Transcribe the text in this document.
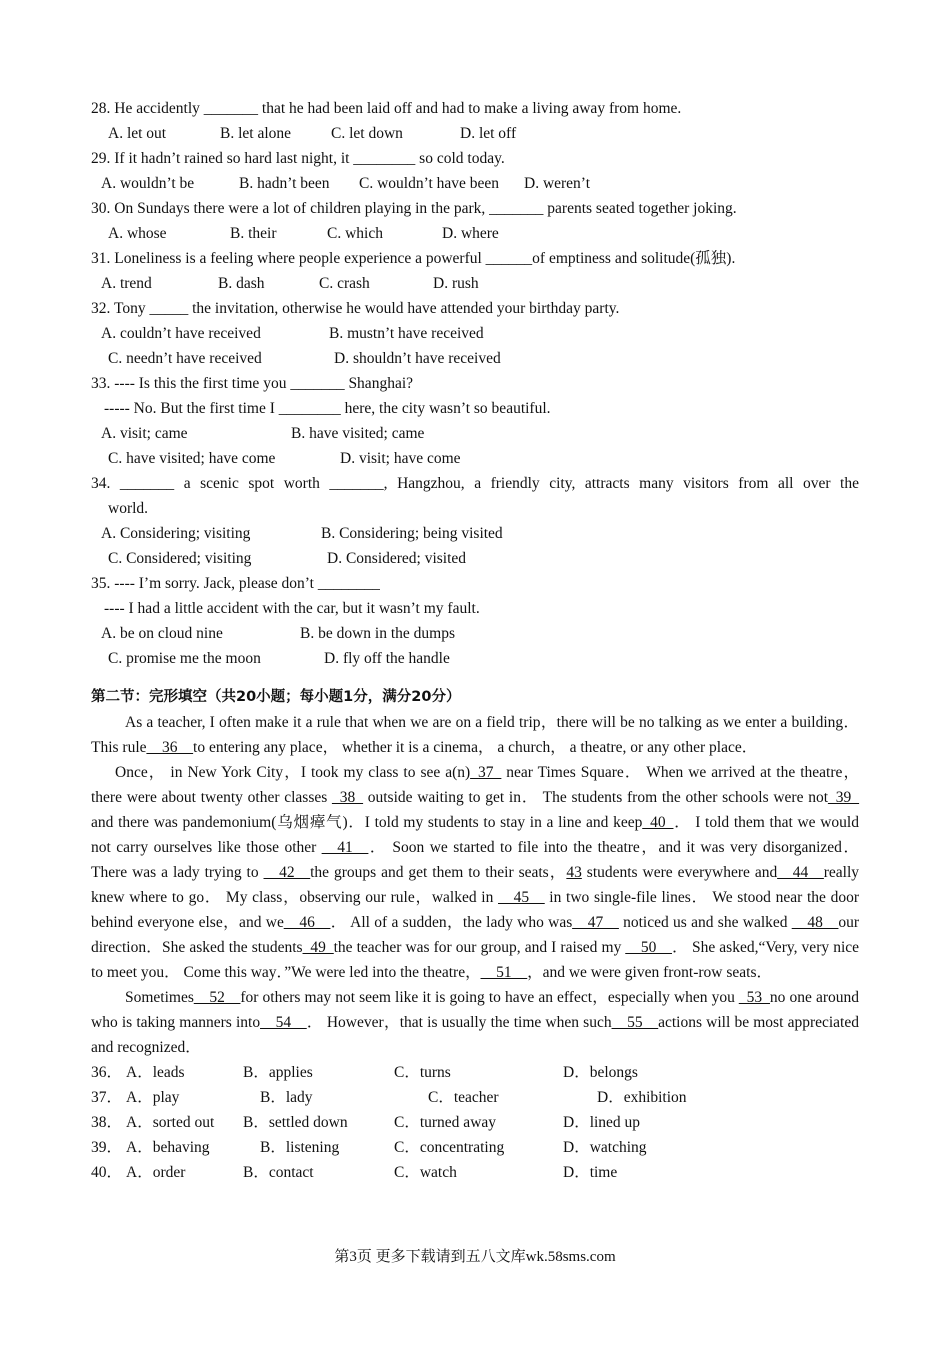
28. He accidently _______ that he had been laid off and had to make a living away from home.
A. let out	B. let alone	C. let down	D. let off
29. If it hadn’t rained so hard last night, it ________ so cold today.
A. wouldn’t be	B. hadn’t been	C. wouldn’t have been	D. weren’t
30. On Sundays there were a lot of children playing in the park, _______ parents seated together joking.
A. whose	B. their	C. which	D. where
31. Loneliness is a feeling where people experience a powerful ______of emptiness and solitude(孤独).
A. trend	B. dash	C. crash	D. rush
32. Tony _____ the invitation, otherwise he would have attended your birthday party.
A. couldn’t have received	B. mustn’t have received
C. needn’t have received	D. shouldn’t have received
33. ---- Is this the first time you _______ Shanghai?
----- No. But the first time I ________ here, the city wasn’t so beautiful.
A. visit; came	B. have visited; came
C. have visited; have come	D. visit; have come
34. _______ a scenic spot worth _______, Hangzhou, a friendly city, attracts many visitors from all over the
world.
A. Considering; visiting	B. Considering; being visited
C. Considered; visiting	D. Considered; visited
35. ---- I’m sorry. Jack, please don’t ________
---- I had a little accident with the car, but it wasn’t my fault.
A. be on cloud nine	B. be down in the dumps
C. promise me the moon	D. fly off the handle
第二节：完形填空（共20小题；每小题1分，满分20分）
As a teacher, I often make it a rule that when we are on a field trip，there will be no talking as we enter a building．This rule__36__to entering any place， whether it is a cinema， a church， a theatre, or any other place．
Once， in New York City，I took my class to see a(n)_37_ near Times Square． When we arrived at the theatre，there were about twenty other classes _38_ outside waiting to get in． The students from the other schools were not_39_ and there was pandemonium(乌烟瘴气)．I told my students to stay in a line and keep_40_． I told them that we would not carry ourselves like those other __41__． Soon we started to file into the theatre，and it was very disorganized． There was a lady trying to __42__the groups and get them to their seats，43 students were everywhere and__44__really knew where to go． My class，observing our rule，walked in __45__ in two single-file lines． We stood near the door behind everyone else，and we__46__． All of a sudden，the lady who was__47__ noticed us and she walked __48__our direction．She asked the students_49_the teacher was for our group, and I raised my __50__． She asked,“Very, very nice to meet you． Come this way．”We were led into the theatre，__51__，and we were given front-row seats．
Sometimes__52__for others may not seem like it is going to have an effect，especially when you _53_no one around who is taking manners into__54__． However，that is usually the time when such__55__actions will be most appreciated and recognized．
36． A．leads	B．applies	C．turns	D．belongs
37． A．play	B．lady	C．teacher	D．exhibition
38． A．sorted out	B．settled down	C．turned away	D．lined up
39． A．behaving	B．listening	C．concentrating	D．watching
40． A．order	B．contact	C．watch	D．time
第3页 更多下载请到五八文库wk.58sms.com
